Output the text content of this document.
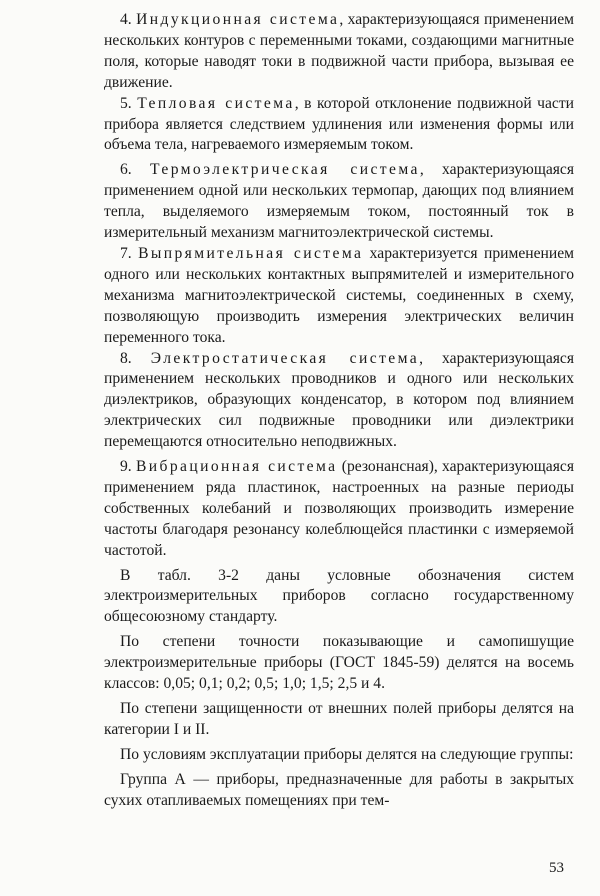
4. Индукционная система, характеризующаяся применением нескольких контуров с переменными токами, создающими магнитные поля, которые наводят токи в подвижной части прибора, вызывая ее движение.

5. Тепловая система, в которой отклонение подвижной части прибора является следствием удлинения или изменения формы или объема тела, нагреваемого измеряемым током.

6. Термоэлектрическая система, характеризующаяся применением одной или нескольких термопар, дающих под влиянием тепла, выделяемого измеряемым током, постоянный ток в измерительный механизм магнитоэлектрической системы.

7. Выпрямительная система характеризуется применением одного или нескольких контактных выпрямителей и измерительного механизма магнитоэлектрической системы, соединенных в схему, позволяющую производить измерения электрических величин переменного тока.

8. Электростатическая система, характеризующаяся применением нескольких проводников и одного или нескольких диэлектриков, образующих конденсатор, в котором под влиянием электрических сил подвижные проводники или диэлектрики перемещаются относительно неподвижных.

9. Вибрационная система (резонансная), характеризующаяся применением ряда пластинок, настроенных на разные периоды собственных колебаний и позволяющих производить измерение частоты благодаря резонансу колеблющейся пластинки с измеряемой частотой.

В табл. 3-2 даны условные обозначения систем электроизмерительных приборов согласно государственному общесоюзному стандарту.

По степени точности показывающие и самопишущие электроизмерительные приборы (ГОСТ 1845-59) делятся на восемь классов: 0,05; 0,1; 0,2; 0,5; 1,0; 1,5; 2,5 и 4.

По степени защищенности от внешних полей приборы делятся на категории I и II.

По условиям эксплуатации приборы делятся на следующие группы:

Группа А — приборы, предназначенные для работы в закрытых сухих отапливаемых помещениях при тем-

53
